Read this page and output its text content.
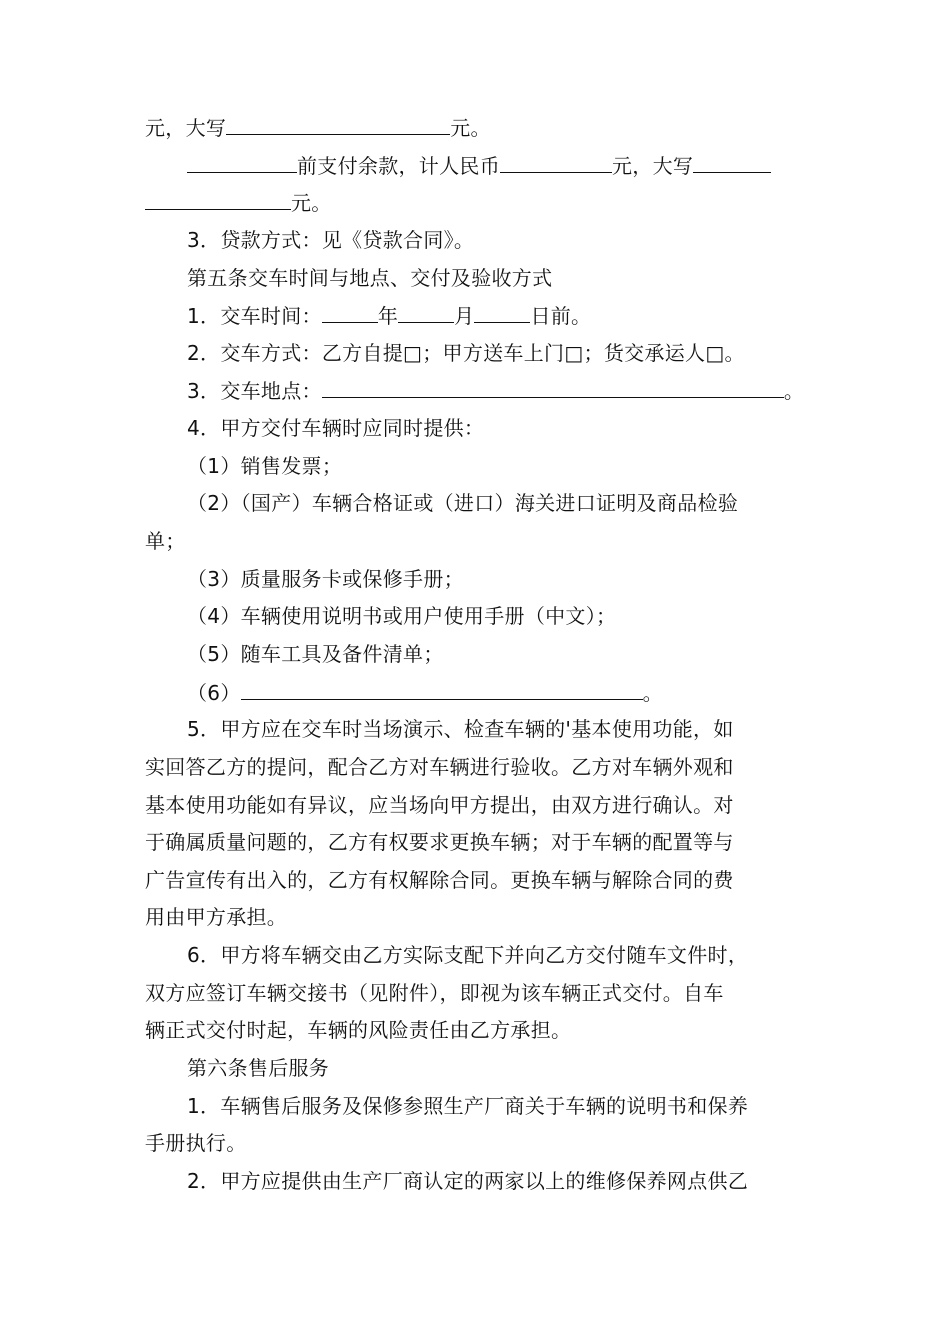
元，大写	元。
前支付余款，计人民币	元，大写
元。
3．贷款方式：见《贷款合同》。
第五条交车时间与地点、交付及验收方式
1．交车时间：	年	月	日前。
2．交车方式：乙方自提□；甲方送车上门□；货交承运人□。
3．交车地点：	。
4．甲方交付车辆时应同时提供：
（1）销售发票；
（2）（国产）车辆合格证或（进口）海关进口证明及商品检验
单；
（3）质量服务卡或保修手册；
（4）车辆使用说明书或用户使用手册（中文）；
（5）随车工具及备件清单；
（6）	。
5．甲方应在交车时当场演示、检查车辆的'基本使用功能，如
实回答乙方的提问，配合乙方对车辆进行验收。乙方对车辆外观和
基本使用功能如有异议，应当场向甲方提出，由双方进行确认。对
于确属质量问题的，乙方有权要求更换车辆；对于车辆的配置等与
广告宣传有出入的，乙方有权解除合同。更换车辆与解除合同的费
用由甲方承担。
6．甲方将车辆交由乙方实际支配下并向乙方交付随车文件时，
双方应签订车辆交接书（见附件），即视为该车辆正式交付。自车
辆正式交付时起，车辆的风险责任由乙方承担。
第六条售后服务
1．车辆售后服务及保修参照生产厂商关于车辆的说明书和保养
手册执行。
2．甲方应提供由生产厂商认定的两家以上的维修保养网点供乙
